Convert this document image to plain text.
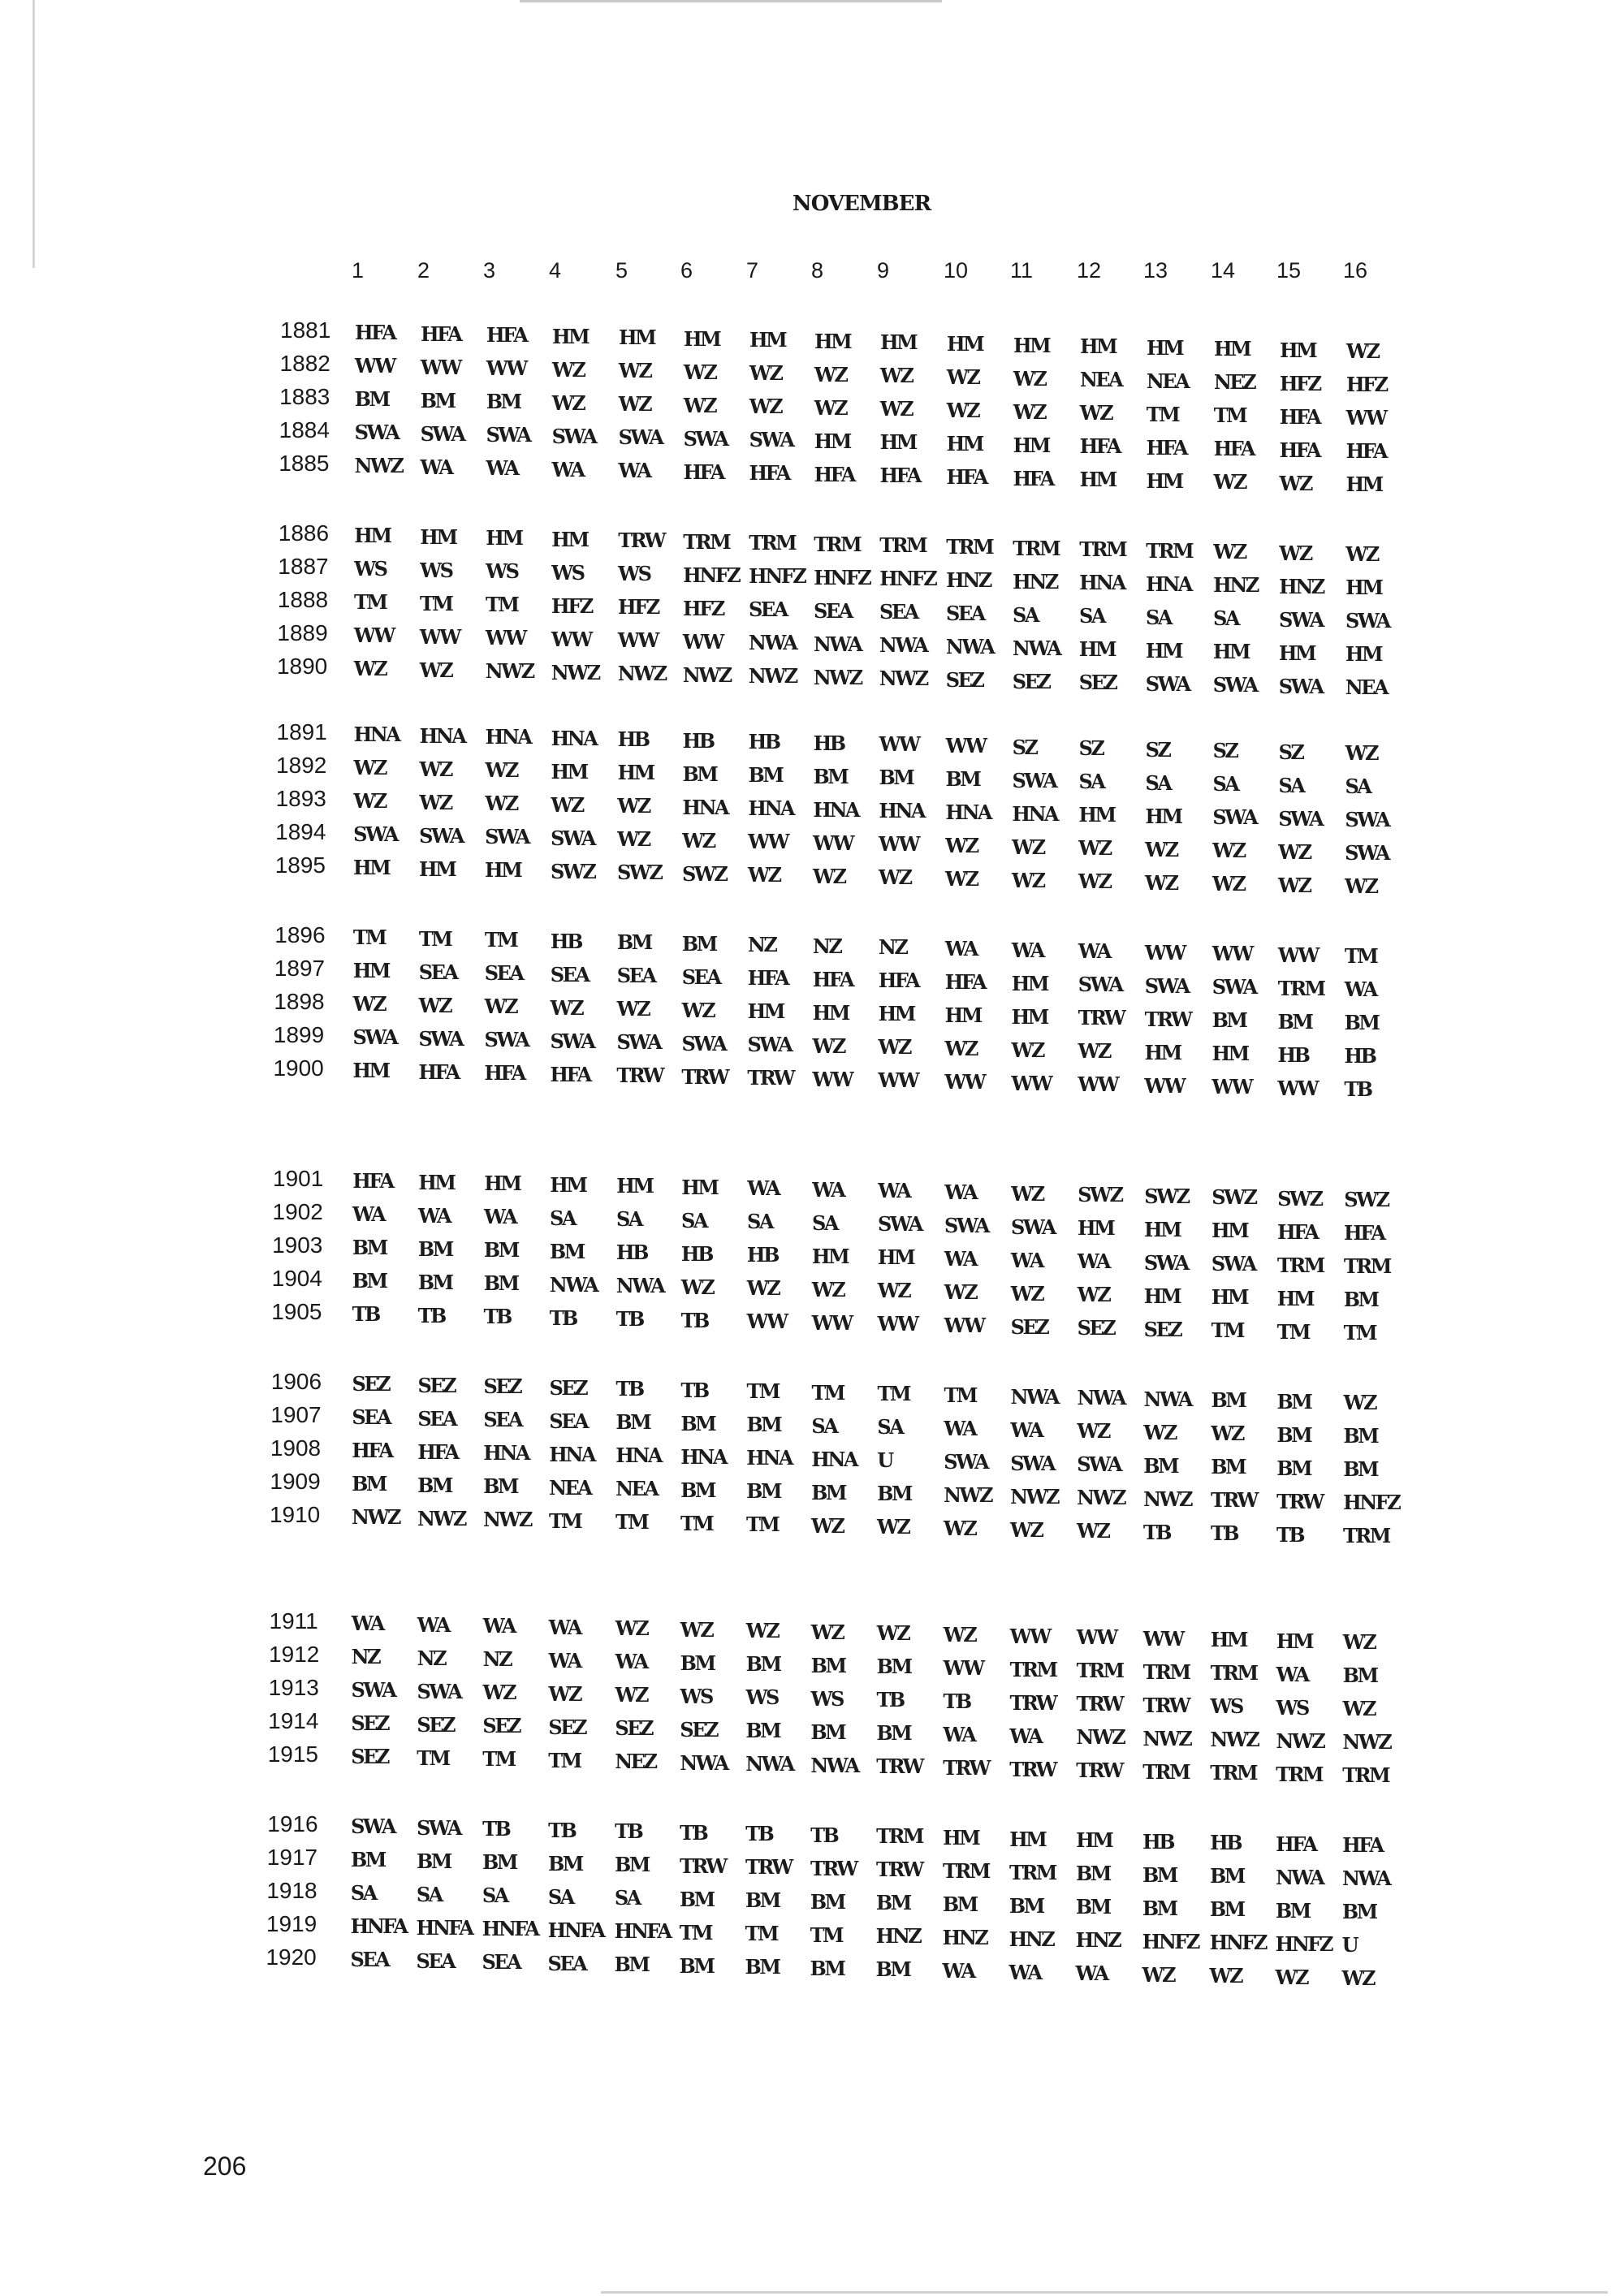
NOVEMBER
1	2	3	4	5	6	7	8	9	10	11	12	13	14	15	16
1881 HFA HFA HFA HM HM HM HM HM HM HM HM HM HM HM HM WZ
1882 WW WW WW WZ WZ WZ WZ WZ WZ WZ WZ NEA NEA NEZ HFZ HFZ
1883 BM BM BM WZ WZ WZ WZ WZ WZ WZ WZ WZ TM TM HFA WW
1884 SWA SWA SWA SWA SWA SWA SWA HM HM HM HM HFA HFA HFA HFA HFA
1885 NWZ WA WA WA WA HFA HFA HFA HFA HFA HFA HM HM WZ WZ HM
1886 HM HM HM HM TRW TRM TRM TRM TRM TRM TRM TRM TRM WZ WZ WZ
1887 WS WS WS WS WS HNFZ HNFZ HNFZ HNFZ HNZ HNZ HNA HNA HNZ HNZ HM
1888 TM TM TM HFZ HFZ HFZ SEA SEA SEA SEA SA SA SA SA SWA SWA
1889 WW WW WW WW WW WW NWA NWA NWA NWA NWA HM HM HM HM HM
1890 WZ WZ NWZ NWZ NWZ NWZ NWZ NWZ NWZ SEZ SEZ SEZ SWA SWA SWA NEA
1891 HNA HNA HNA HNA HB HB HB HB WW WW SZ SZ SZ SZ SZ WZ
1892 WZ WZ WZ HM HM BM BM BM BM BM SWA SA SA SA SA SA
1893 WZ WZ WZ WZ WZ HNA HNA HNA HNA HNA HNA HM HM SWA SWA SWA
1894 SWA SWA SWA SWA WZ WZ WW WW WW WZ WZ WZ WZ WZ WZ SWA
1895 HM HM HM SWZ SWZ SWZ WZ WZ WZ WZ WZ WZ WZ WZ WZ WZ
1896 TM TM TM HB BM BM NZ NZ NZ WA WA WA WW WW WW TM
1897 HM SEA SEA SEA SEA SEA HFA HFA HFA HFA HM SWA SWA SWA TRM WA
1898 WZ WZ WZ WZ WZ WZ HM HM HM HM HM TRW TRW BM BM BM
1899 SWA SWA SWA SWA SWA SWA SWA WZ WZ WZ WZ WZ HM HM HB HB
1900 HM HFA HFA HFA TRW TRW TRW WW WW WW WW WW WW WW WW TB
1901 HFA HM HM HM HM HM WA WA WA WA WZ SWZ SWZ SWZ SWZ SWZ
1902 WA WA WA SA SA SA SA SA SWA SWA SWA HM HM HM HFA HFA
1903 BM BM BM BM HB HB HB HM HM WA WA WA SWA SWA TRM TRM
1904 BM BM BM NWA NWA WZ WZ WZ WZ WZ WZ WZ HM HM HM BM
1905 TB TB TB TB TB TB WW WW WW WW SEZ SEZ SEZ TM TM TM
1906 SEZ SEZ SEZ SEZ TB TB TM TM TM TM NWA NWA NWA BM BM WZ
1907 SEA SEA SEA SEA BM BM BM SA SA WA WA WZ WZ WZ BM BM
1908 HFA HFA HNA HNA HNA HNA HNA HNA U	SWA SWA SWA BM BM BM BM
1909 BM BM BM NEA NEA BM BM BM BM NWZ NWZ NWZ NWZ TRW TRW HNFZ
1910 NWZ NWZ NWZ TM TM TM TM WZ WZ WZ WZ WZ TB TB TB TRM
1911 WA WA WA WA WZ WZ WZ WZ WZ WZ WW WW WW HM HM WZ
1912 NZ NZ NZ WA WA BM BM BM BM WW TRM TRM TRM TRM WA BM
1913 SWA SWA WZ WZ WZ WS WS WS TB TB TRW TRW TRW WS WS WZ
1914 SEZ SEZ SEZ SEZ SEZ SEZ BM BM BM WA WA NWZ NWZ NWZ NWZ NWZ
1915 SEZ TM TM TM NEZ NWA NWA NWA TRW TRW TRW TRW TRM TRM TRM TRM
1916 SWA SWA TB TB TB TB TB TB TRM HM HM HM HB HB HFA HFA
1917 BM BM BM BM BM TRW TRW TRW TRW TRM TRM BM BM BM NWA NWA
1918 SA SA SA SA SA BM BM BM BM BM BM BM BM BM BM BM
1919 HNFA HNFA HNFA HNFA HNFA TM TM TM HNZ HNZ HNZ HNZ HNFZ HNFZ HNFZ U
1920 SEA SEA SEA SEA BM BM BM BM BM WA WA WA WZ WZ WZ WZ
206
